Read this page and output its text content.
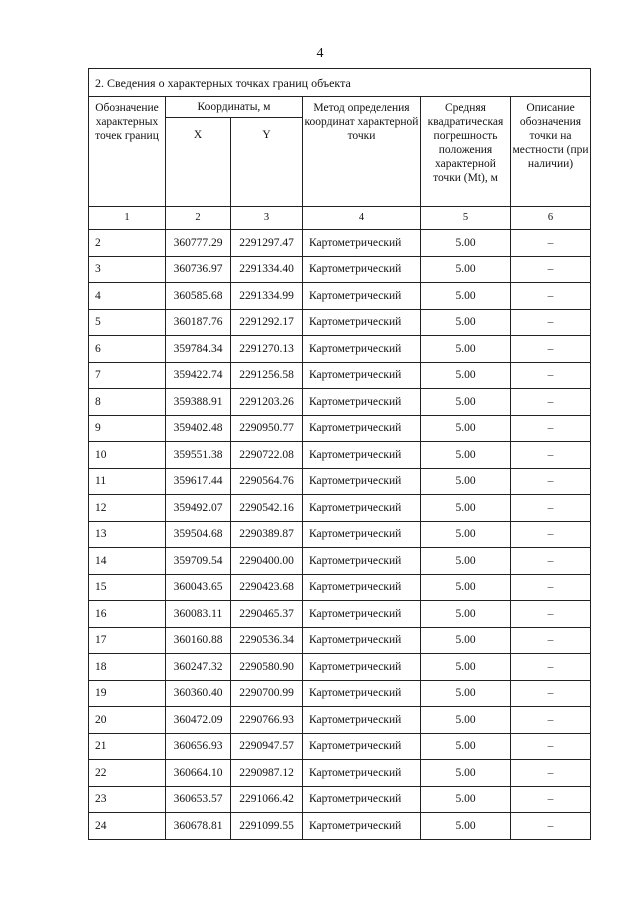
4
2. Сведения о характерных точках границ объекта					
Обозначение характерных точек границ	Координаты, м		Метод определения координат характерной точки	Средняя квадратическая погрешность положения характерной точки (Mt), м	Описание обозначения точки на местности (при наличии)
	X	Y			
1	2	3	4	5	6
2	360777.29	2291297.47	Картометрический	5.00	–
3	360736.97	2291334.40	Картометрический	5.00	–
4	360585.68	2291334.99	Картометрический	5.00	–
5	360187.76	2291292.17	Картометрический	5.00	–
6	359784.34	2291270.13	Картометрический	5.00	–
7	359422.74	2291256.58	Картометрический	5.00	–
8	359388.91	2291203.26	Картометрический	5.00	–
9	359402.48	2290950.77	Картометрический	5.00	–
10	359551.38	2290722.08	Картометрический	5.00	–
11	359617.44	2290564.76	Картометрический	5.00	–
12	359492.07	2290542.16	Картометрический	5.00	–
13	359504.68	2290389.87	Картометрический	5.00	–
14	359709.54	2290400.00	Картометрический	5.00	–
15	360043.65	2290423.68	Картометрический	5.00	–
16	360083.11	2290465.37	Картометрический	5.00	–
17	360160.88	2290536.34	Картометрический	5.00	–
18	360247.32	2290580.90	Картометрический	5.00	–
19	360360.40	2290700.99	Картометрический	5.00	–
20	360472.09	2290766.93	Картометрический	5.00	–
21	360656.93	2290947.57	Картометрический	5.00	–
22	360664.10	2290987.12	Картометрический	5.00	–
23	360653.57	2291066.42	Картометрический	5.00	–
24	360678.81	2291099.55	Картометрический	5.00	–
